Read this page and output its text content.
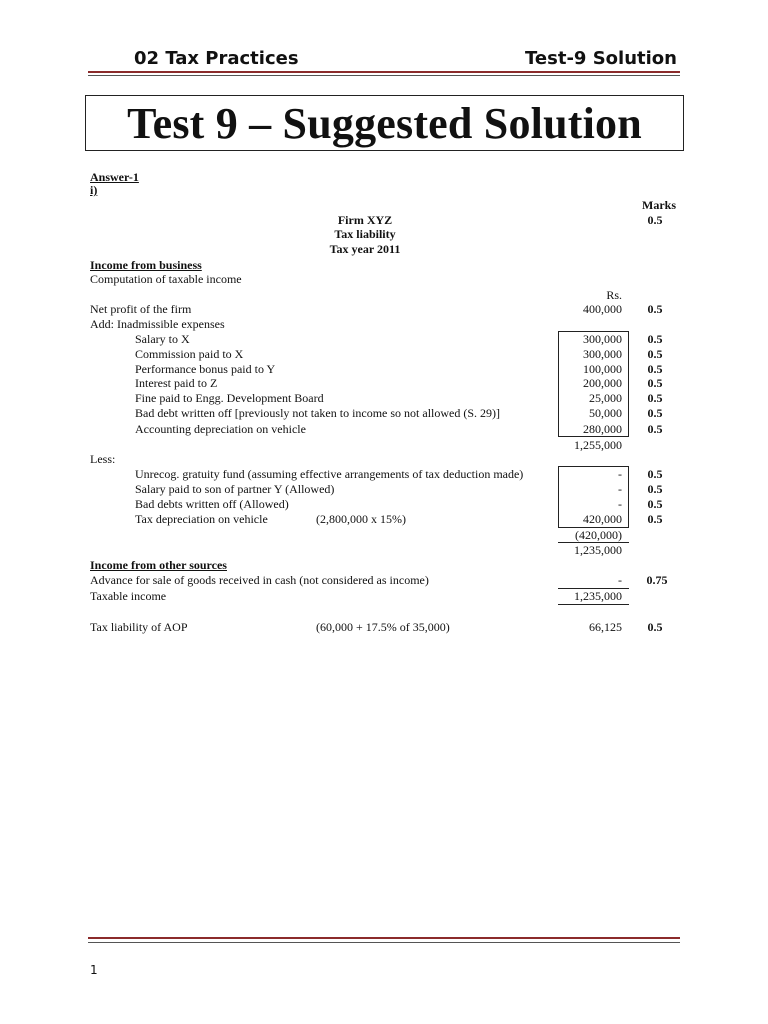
02 Tax Practices	Test-9 Solution
Test 9 – Suggested Solution
Answer-1
i)
Marks
0.5
Firm XYZ
Tax liability
Tax year 2011
Income from business
Computation of taxable income
Rs.
Net profit of the firm	400,000	0.5
Add: Inadmissible expenses
Salary to X	300,000	0.5
Commission paid to X	300,000	0.5
Performance bonus paid to Y	100,000	0.5
Interest paid to Z	200,000	0.5
Fine paid to Engg. Development Board	25,000	0.5
Bad debt written off [previously not taken to income so not allowed (S. 29)]	50,000	0.5
Accounting depreciation on vehicle	280,000	0.5
1,255,000
Less:
Unrecog. gratuity fund (assuming effective arrangements of tax deduction made)	-	0.5
Salary paid to son of partner Y (Allowed)	-	0.5
Bad debts written off (Allowed)	-	0.5
Tax depreciation on vehicle	(2,800,000 x 15%)	420,000	0.5
(420,000)
1,235,000
Income from other sources
Advance for sale of goods received in cash (not considered as income)	-	0.75
Taxable income	1,235,000
Tax liability of AOP	(60,000 + 17.5% of 35,000)	66,125	0.5
1
